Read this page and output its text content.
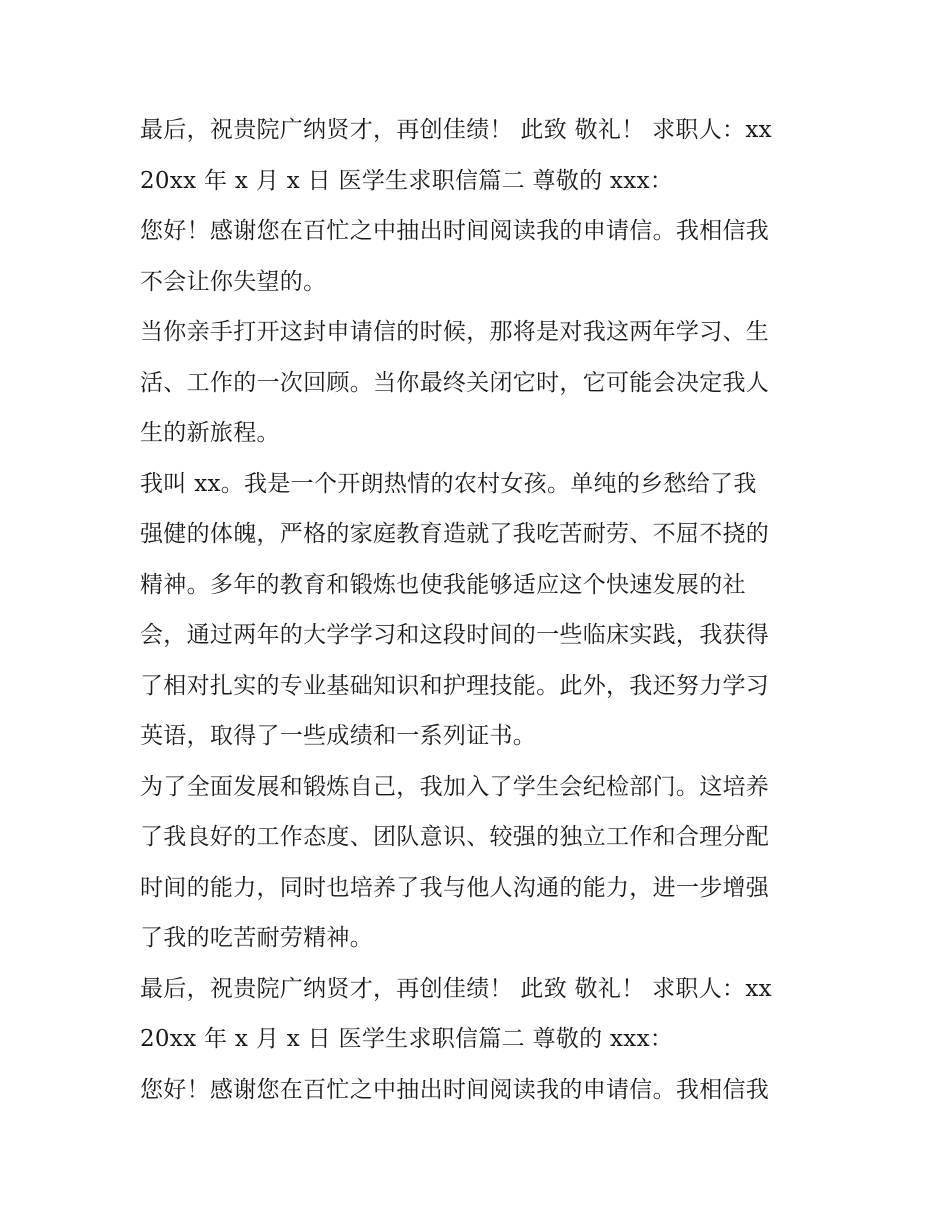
最后，祝贵院广纳贤才，再创佳绩！ 此致 敬礼！ 求职人：xx
20xx 年 x 月 x 日 医学生求职信篇二 尊敬的 xxx：
您好！感谢您在百忙之中抽出时间阅读我的申请信。我相信我
不会让你失望的。
当你亲手打开这封申请信的时候，那将是对我这两年学习、生
活、工作的一次回顾。当你最终关闭它时，它可能会决定我人
生的新旅程。
我叫 xx。我是一个开朗热情的农村女孩。单纯的乡愁给了我
强健的体魄，严格的家庭教育造就了我吃苦耐劳、不屈不挠的
精神。多年的教育和锻炼也使我能够适应这个快速发展的社
会，通过两年的大学学习和这段时间的一些临床实践，我获得
了相对扎实的专业基础知识和护理技能。此外，我还努力学习
英语，取得了一些成绩和一系列证书。
为了全面发展和锻炼自己，我加入了学生会纪检部门。这培养
了我良好的工作态度、团队意识、较强的独立工作和合理分配
时间的能力，同时也培养了我与他人沟通的能力，进一步增强
了我的吃苦耐劳精神。
最后，祝贵院广纳贤才，再创佳绩！ 此致 敬礼！ 求职人：xx
20xx 年 x 月 x 日 医学生求职信篇二 尊敬的 xxx：
您好！感谢您在百忙之中抽出时间阅读我的申请信。我相信我
